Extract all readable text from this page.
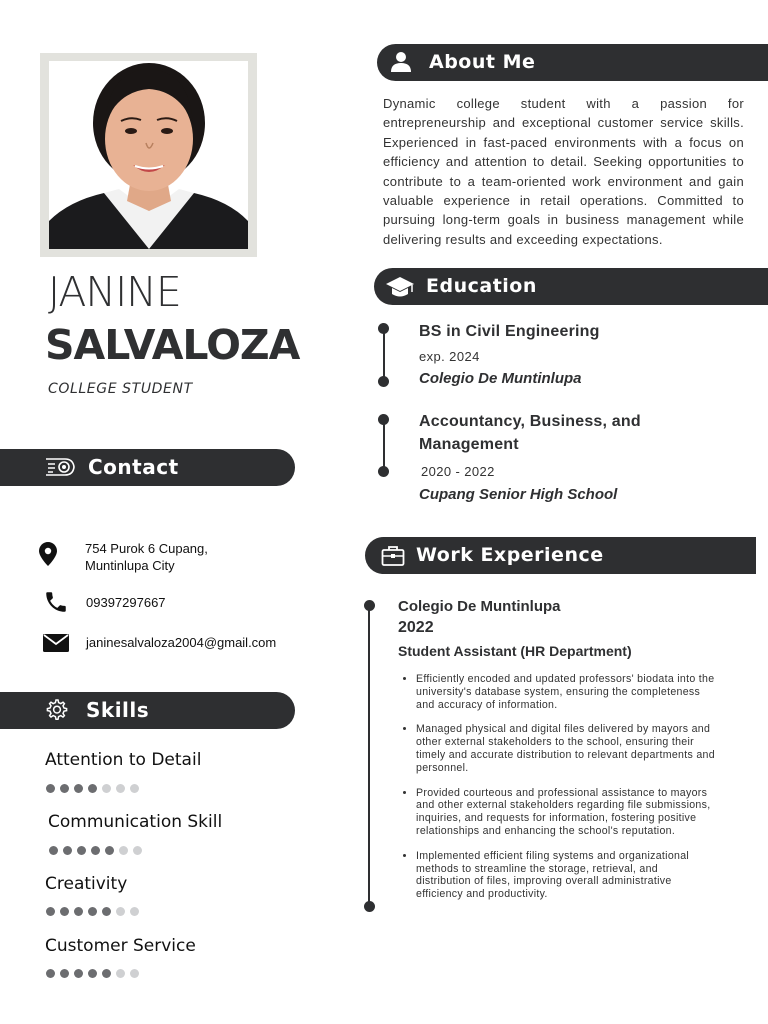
JANINE
SALVALOZA
COLLEGE STUDENT
Contact
754 Purok 6 Cupang,
Muntinlupa City
09397297667
janinesalvaloza2004@gmail.com
Skills
Attention to Detail
Communication Skill
Creativity
Customer Service
About Me
Dynamic college student with a passion for entrepreneurship and exceptional customer service skills. Experienced in fast-paced environments with a focus on efficiency and attention to detail. Seeking opportunities to contribute to a team-oriented work environment and gain valuable experience in retail operations. Committed to pursuing long-term goals in business management while delivering results and exceeding expectations.
Education
BS in Civil Engineering
exp. 2024
Colegio De Muntinlupa
Accountancy, Business, and Management
2020 - 2022
Cupang Senior High School
Work Experience
Colegio De Muntinlupa
2022
Student Assistant (HR Department)
• Efficiently encoded and updated professors' biodata into the university's database system, ensuring the completeness and accuracy of information.
• Managed physical and digital files delivered by mayors and other external stakeholders to the school, ensuring their timely and accurate distribution to relevant departments and personnel.
• Provided courteous and professional assistance to mayors and other external stakeholders regarding file submissions, inquiries, and requests for information, fostering positive relationships and enhancing the school's reputation.
• Implemented efficient filing systems and organizational methods to streamline the storage, retrieval, and distribution of files, improving overall administrative efficiency and productivity.
